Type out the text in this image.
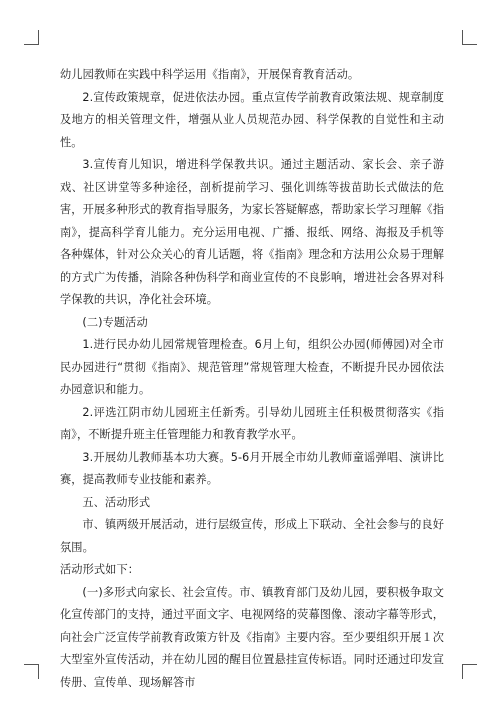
幼儿园教师在实践中科学运用《指南》，开展保育教育活动。

2.宣传政策规章，促进依法办园。重点宣传学前教育政策法规、规章制度及地方的相关管理文件，增强从业人员规范办园、科学保教的自觉性和主动性。

3.宣传育儿知识，增进科学保教共识。通过主题活动、家长会、亲子游戏、社区讲堂等多种途径，剖析提前学习、强化训练等拔苗助长式做法的危害，开展多种形式的教育指导服务，为家长答疑解惑，帮助家长学习理解《指南》，提高科学育儿能力。充分运用电视、广播、报纸、网络、海报及手机等各种媒体，针对公众关心的育儿话题，将《指南》理念和方法用公众易于理解的方式广为传播，消除各种伪科学和商业宣传的不良影响，增进社会各界对科学保教的共识，净化社会环境。

(二)专题活动

1.进行民办幼儿园常规管理检查。6月上旬，组织公办园(师傅园)对全市民办园进行“贯彻《指南》、规范管理”常规管理大检查，不断提升民办园依法办园意识和能力。

2.评选江阴市幼儿园班主任新秀。引导幼儿园班主任积极贯彻落实《指南》，不断提升班主任管理能力和教育教学水平。

3.开展幼儿教师基本功大赛。5-6月开展全市幼儿教师童谣弹唱、演讲比赛，提高教师专业技能和素养。

五、活动形式

市、镇两级开展活动，进行层级宣传，形成上下联动、全社会参与的良好氛围。

活动形式如下：

(一)多形式向家长、社会宣传。市、镇教育部门及幼儿园，要积极争取文化宣传部门的支持，通过平面文字、电视网络的荧幕图像、滚动字幕等形式，向社会广泛宣传学前教育政策方针及《指南》主要内容。至少要组织开展１次大型室外宣传活动，并在幼儿园的醒目位置悬挂宣传标语。同时还通过印发宣传册、宣传单、现场解答市
